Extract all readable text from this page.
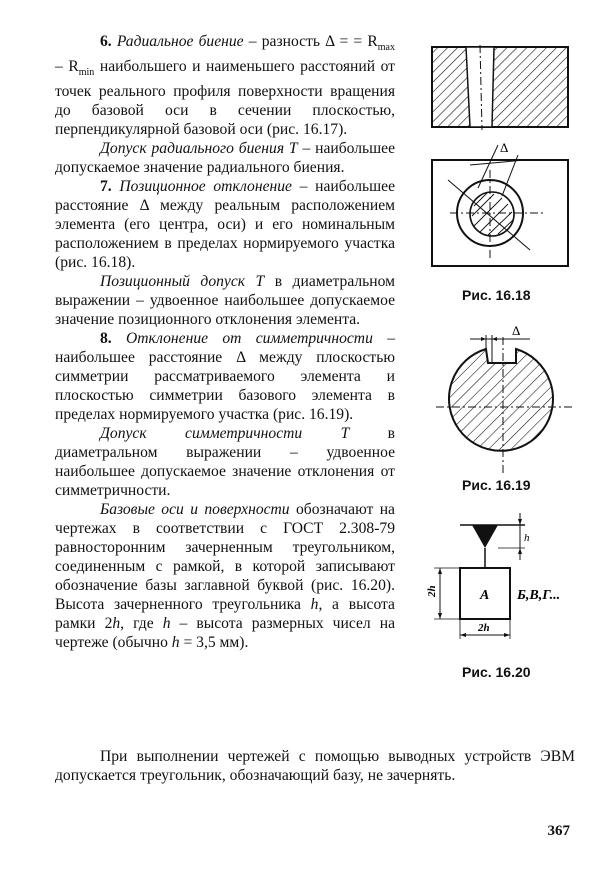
6. Радиальное биение – разность Δ = = $R_{max} - R_{min}$ наибольшего и наименьшего расстояний от точек реального профиля поверхности вращения до базовой оси в сечении плоскостью, перпендикулярной базовой оси (рис. 16.17).

Допуск радиального биения T – наибольшее допускаемое значение радиального биения.

7. Позиционное отклонение – наибольшее расстояние Δ между реальным расположением элемента (его центра, оси) и его номинальным расположением в пределах нормируемого участка (рис. 16.18).

Позиционный допуск T в диаметральном выражении – удвоенное наибольшее допускаемое значение позиционного отклонения элемента.

8. Отклонение от симметричности – наибольшее расстояние Δ между плоскостью симметрии рассматриваемого элемента и плоскостью симметрии базового элемента в пределах нормируемого участка (рис. 16.19).

Допуск симметричности T в диаметральном выражении – удвоенное наибольшее допускаемое значение отклонения от симметричности.

Базовые оси и поверхности обозначают на чертежах в соответствии с ГОСТ 2.308-79 равносторонним зачерненным треугольником, соединенным с рамкой, в которой записывают обозначение базы заглавной буквой (рис. 16.20). Высота зачерненного треугольника h, а высота рамки 2h, где h – высота размерных чисел на чертеже (обычно h = 3,5 мм).

При выполнении чертежей с помощью выводных устройств ЭВМ допускается треугольник, обозначающий базу, не зачернять.
Δ
Рис. 16.18
Δ
Рис. 16.19
h
2h
2h
A Б,В,Г...
Рис. 16.20
367
